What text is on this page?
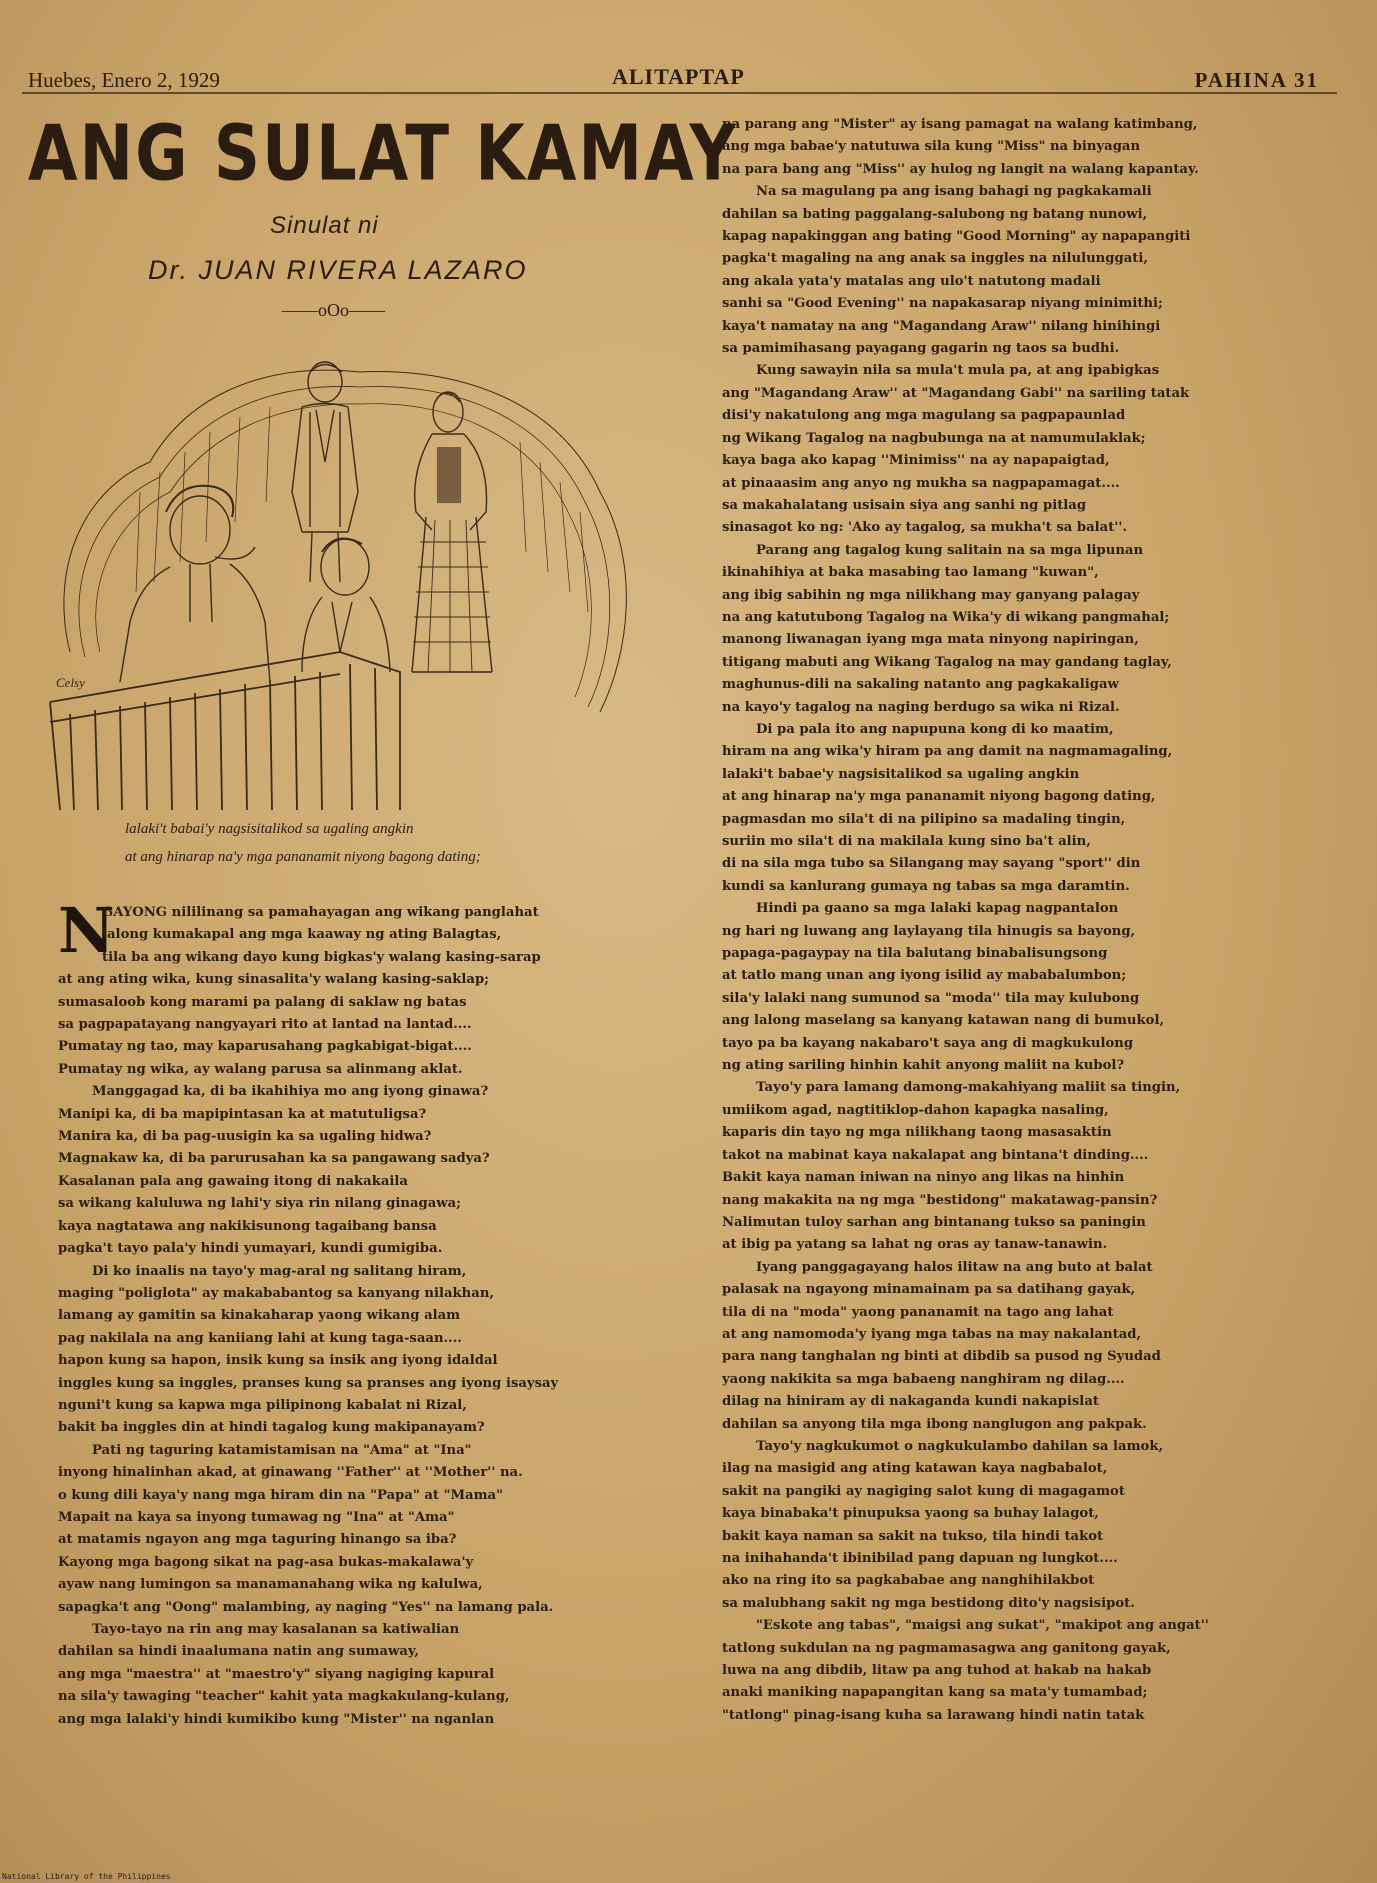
Huebes, Enero 2, 1929	ALITAPTAP	PAHINA 31
ANG SULAT KAMAY
Sinulat ni
Dr. JUAN RIVERA LAZARO
——oOo——
Celsy
lalaki't babai'y nagsisitalikod sa ugaling angkin
at ang hinarap na'y mga pananamit niyong bagong dating;
N
GAYONG nililinang sa pamahayagan ang wikang panglahat
lalong kumakapal ang mga kaaway ng ating Balagtas,
tila ba ang wikang dayo kung bigkas'y walang kasing-sarap
at ang ating wika, kung sinasalita'y walang kasing-saklap;
sumasaloob kong marami pa palang di saklaw ng batas
sa pagpapatayang nangyayari rito at lantad na lantad....
Pumatay ng tao, may kaparusahang pagkabigat-bigat....
Pumatay ng wika, ay walang parusa sa alinmang aklat.
Manggagad ka, di ba ikahihiya mo ang iyong ginawa?
Manipi ka, di ba mapipintasan ka at matutuligsa?
Manira ka, di ba pag-uusigin ka sa ugaling hidwa?
Magnakaw ka, di ba parurusahan ka sa pangawang sadya?
Kasalanan pala ang gawaing itong di nakakaila
sa wikang kaluluwa ng lahi'y siya rin nilang ginagawa;
kaya nagtatawa ang nakikisunong tagaibang bansa
pagka't tayo pala'y hindi yumayari, kundi gumigiba.
Di ko inaalis na tayo'y mag-aral ng salitang hiram,
maging "poliglota" ay makababantog sa kanyang nilakhan,
lamang ay gamitin sa kinakaharap yaong wikang alam
pag nakilala na ang kaniiang lahi at kung taga-saan....
hapon kung sa hapon, insik kung sa insik ang iyong idaldal
inggles kung sa inggles, pranses kung sa pranses ang iyong isaysay
nguni't kung sa kapwa mga pilipinong kabalat ni Rizal,
bakit ba inggles din at hindi tagalog kung makipanayam?
Pati ng taguring katamistamisan na "Ama" at "Ina"
inyong hinalinhan akad, at ginawang ''Father'' at ''Mother'' na.
o kung dili kaya'y nang mga hiram din na "Papa" at "Mama"
Mapait na kaya sa inyong tumawag ng "Ina" at "Ama"
at matamis ngayon ang mga taguring hinango sa iba?
Kayong mga bagong sikat na pag-asa bukas-makalawa'y
ayaw nang lumingon sa manamanahang wika ng kalulwa,
sapagka't ang "Oong" malambing, ay naging "Yes'' na lamang pala.
Tayo-tayo na rin ang may kasalanan sa katiwalian
dahilan sa hindi inaalumana natin ang sumaway,
ang mga "maestra'' at "maestro'y" siyang nagiging kapural
na sila'y tawaging "teacher" kahit yata magkakulang-kulang,
ang mga lalaki'y hindi kumikibo kung "Mister'' na nganlan
na parang ang "Mister" ay isang pamagat na walang katimbang,
ang mga babae'y natutuwa sila kung "Miss" na binyagan
na para bang ang "Miss'' ay hulog ng langit na walang kapantay.
Na sa magulang pa ang isang bahagi ng pagkakamali
dahilan sa bating paggalang-salubong ng batang nunowi,
kapag napakinggan ang bating "Good Morning" ay napapangiti
pagka't magaling na ang anak sa inggles na nilulunggati,
ang akala yata'y matalas ang ulo't natutong madali
sanhi sa "Good Evening'' na napakasarap niyang minimithi;
kaya't namatay na ang "Magandang Araw'' nilang hinihingi
sa pamimihasang payagang gagarin ng taos sa budhi.
Kung sawayin nila sa mula't mula pa, at ang ipabigkas
ang "Magandang Araw'' at "Magandang Gabi'' na sariling tatak
disi'y nakatulong ang mga magulang sa pagpapaunlad
ng Wikang Tagalog na nagbubunga na at namumulaklak;
kaya baga ako kapag ''Minimiss'' na ay napapaigtad,
at pinaaasim ang anyo ng mukha sa nagpapamagat....
sa makahalatang usisain siya ang sanhi ng pitlag
sinasagot ko ng: 'Ako ay tagalog, sa mukha't sa balat''.
Parang ang tagalog kung salitain na sa mga lipunan
ikinahihiya at baka masabing tao lamang "kuwan",
ang ibig sabihin ng mga nilikhang may ganyang palagay
na ang katutubong Tagalog na Wika'y di wikang pangmahal;
manong liwanagan iyang mga mata ninyong napiringan,
titigang mabuti ang Wikang Tagalog na may gandang taglay,
maghunus-dili na sakaling natanto ang pagkakaligaw
na kayo'y tagalog na naging berdugo sa wika ni Rizal.
Di pa pala ito ang napupuna kong di ko maatim,
hiram na ang wika'y hiram pa ang damit na nagmamagaling,
lalaki't babae'y nagsisitalikod sa ugaling angkin
at ang hinarap na'y mga pananamit niyong bagong dating,
pagmasdan mo sila't di na pilipino sa madaling tingin,
suriin mo sila't di na makilala kung sino ba't alin,
di na sila mga tubo sa Silangang may sayang "sport'' din
kundi sa kanlurang gumaya ng tabas sa mga daramtin.
Hindi pa gaano sa mga lalaki kapag nagpantalon
ng hari ng luwang ang laylayang tila hinugis sa bayong,
papaga-pagaypay na tila balutang binabalisungsong
at tatlo mang unan ang iyong isilid ay mababalumbon;
sila'y lalaki nang sumunod sa "moda'' tila may kulubong
ang lalong maselang sa kanyang katawan nang di bumukol,
tayo pa ba kayang nakabaro't saya ang di magkukulong
ng ating sariling hinhin kahit anyong maliit na kubol?
Tayo'y para lamang damong-makahiyang maliit sa tingin,
umiikom agad, nagtitiklop-dahon kapagka nasaling,
kaparis din tayo ng mga nilikhang taong masasaktin
takot na mabinat kaya nakalapat ang bintana't dinding....
Bakit kaya naman iniwan na ninyo ang likas na hinhin
nang makakita na ng mga "bestidong" makatawag-pansin?
Nalimutan tuloy sarhan ang bintanang tukso sa paningin
at ibig pa yatang sa lahat ng oras ay tanaw-tanawin.
Iyang panggagayang halos ilitaw na ang buto at balat
palasak na ngayong minamainam pa sa datihang gayak,
tila di na "moda" yaong pananamit na tago ang lahat
at ang namomoda'y iyang mga tabas na may nakalantad,
para nang tanghalan ng binti at dibdib sa pusod ng Syudad
yaong nakikita sa mga babaeng nanghiram ng dilag....
dilag na hiniram ay di nakaganda kundi nakapislat
dahilan sa anyong tila mga ibong nanglugon ang pakpak.
Tayo'y nagkukumot o nagkukulambo dahilan sa lamok,
ilag na masigid ang ating katawan kaya nagbabalot,
sakit na pangiki ay nagiging salot kung di magagamot
kaya binabaka't pinupuksa yaong sa buhay lalagot,
bakit kaya naman sa sakit na tukso, tila hindi takot
na inihahanda't ibinibilad pang dapuan ng lungkot....
ako na ring ito sa pagkababae ang nanghihilakbot
sa malubhang sakit ng mga bestidong dito'y nagsisipot.
"Eskote ang tabas", "maigsi ang sukat", "makipot ang angat''
tatlong sukdulan na ng pagmamasagwa ang ganitong gayak,
luwa na ang dibdib, litaw pa ang tuhod at hakab na hakab
anaki maniking napapangitan kang sa mata'y tumambad;
"tatlong" pinag-isang kuha sa larawang hindi natin tatak
National Library of the Philippines
